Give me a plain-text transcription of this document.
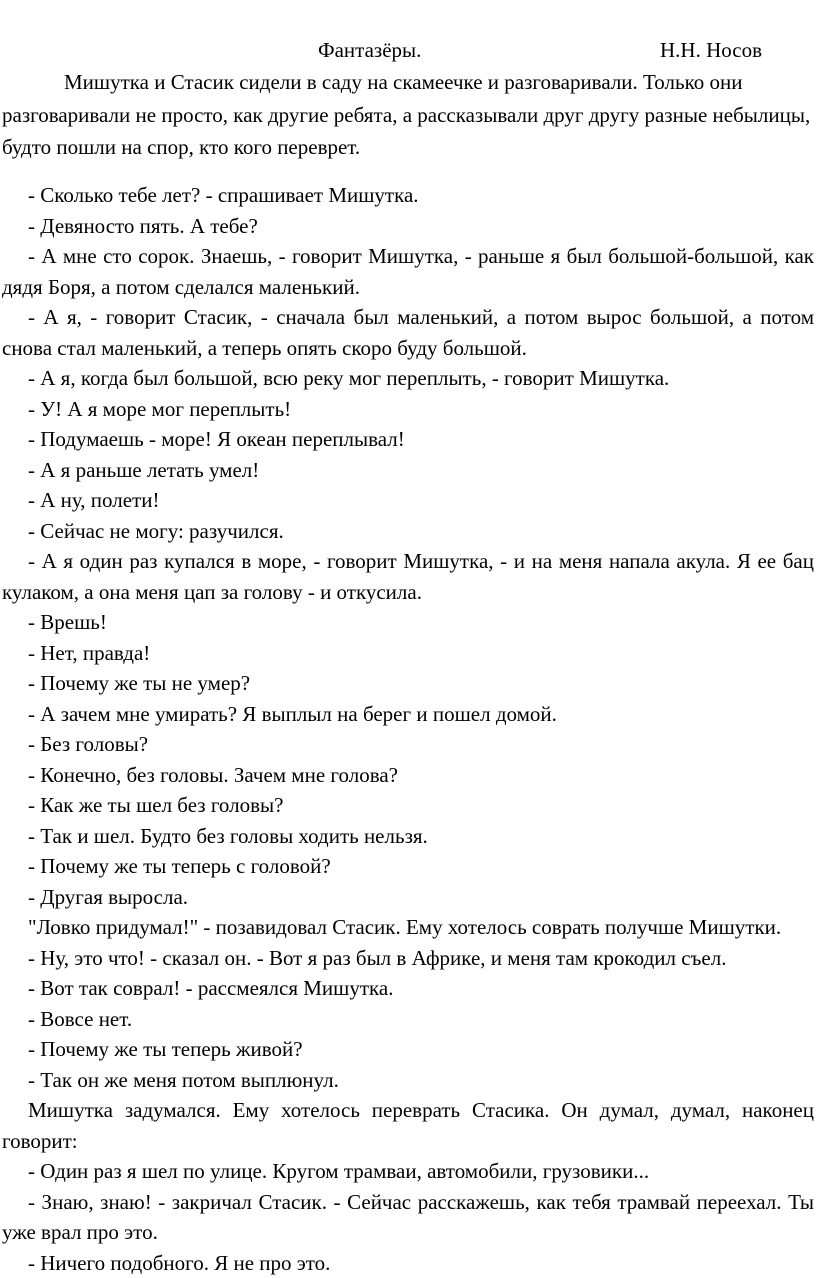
Фантазёры.	Н.Н. Носов

Мишутка и Стасик сидели в саду на скамеечке и разговаривали. Только они разговаривали не просто, как другие ребята, а рассказывали друг другу разные небылицы, будто пошли на спор, кто кого переврет.

- Сколько тебе лет? - спрашивает Мишутка.

- Девяносто пять. А тебе?

- А мне сто сорок. Знаешь, - говорит Мишутка, - раньше я был большой-большой, как дядя Боря, а потом сделался маленький.

- А я, - говорит Стасик, - сначала был маленький, а потом вырос большой, а потом снова стал маленький, а теперь опять скоро буду большой.

- А я, когда был большой, всю реку мог переплыть, - говорит Мишутка.

- У! А я море мог переплыть!

- Подумаешь - море! Я океан переплывал!

- А я раньше летать умел!

- А ну, полети!

- Сейчас не могу: разучился.

- А я один раз купался в море, - говорит Мишутка, - и на меня напала акула. Я ее бац кулаком, а она меня цап за голову - и откусила.

- Врешь!

- Нет, правда!

- Почему же ты не умер?

- А зачем мне умирать? Я выплыл на берег и пошел домой.

- Без головы?

- Конечно, без головы. Зачем мне голова?

- Как же ты шел без головы?

- Так и шел. Будто без головы ходить нельзя.

- Почему же ты теперь с головой?

- Другая выросла.

"Ловко придумал!" - позавидовал Стасик. Ему хотелось соврать получше Мишутки.

- Ну, это что! - сказал он. - Вот я раз был в Африке, и меня там крокодил съел.

- Вот так соврал! - рассмеялся Мишутка.

- Вовсе нет.

- Почему же ты теперь живой?

- Так он же меня потом выплюнул.

Мишутка задумался. Ему хотелось переврать Стасика. Он думал, думал, наконец говорит:

- Один раз я шел по улице. Кругом трамваи, автомобили, грузовики...

- Знаю, знаю! - закричал Стасик. - Сейчас расскажешь, как тебя трамвай переехал. Ты уже врал про это.

- Ничего подобного. Я не про это.
